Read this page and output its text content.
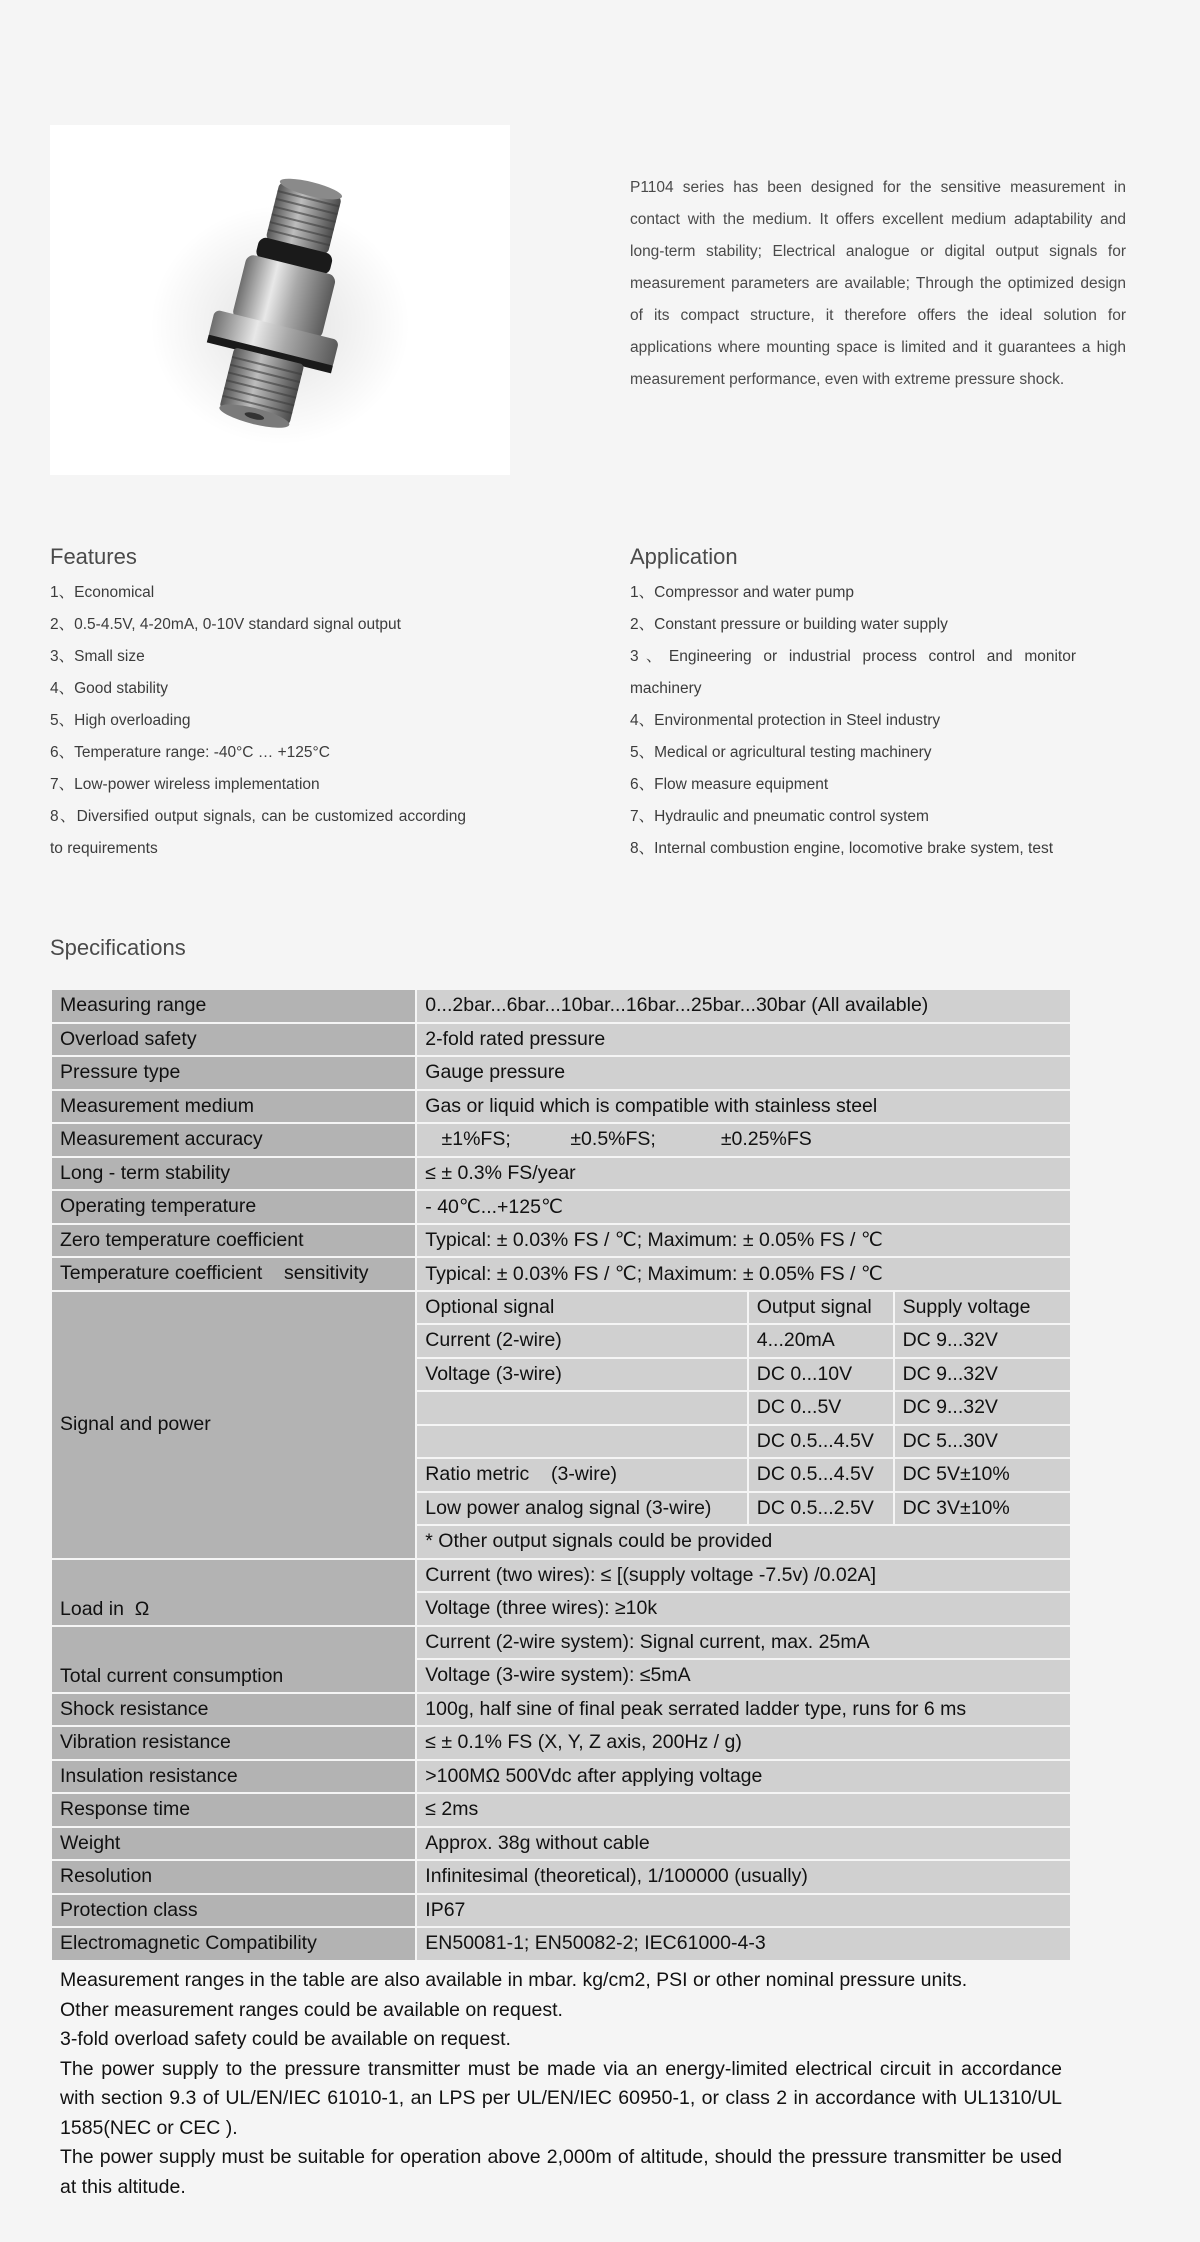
P1104 series has been designed for the sensitive measurement in contact with the medium. It offers excellent medium adaptability and long-term stability; Electrical analogue or digital output signals for measurement parameters are available; Through the optimized design of its compact structure, it therefore offers the ideal solution for applications where mounting space is limited and it guarantees a high measurement performance, even with extreme pressure shock.
Features
1、Economical
2、0.5-4.5V, 4-20mA, 0-10V standard signal output
3、Small size
4、Good stability
5、High overloading
6、Temperature range: -40°C … +125°C
7、Low-power wireless implementation
8、Diversified output signals, can be customized according to requirements
Application
1、Compressor and water pump
2、Constant pressure or building water supply
3、Engineering or industrial process control and monitor machinery
4、Environmental protection in Steel industry
5、Medical or agricultural testing machinery
6、Flow measure equipment
7、Hydraulic and pneumatic control system
8、Internal combustion engine, locomotive brake system, test
Specifications
Measuring range	0...2bar...6bar...10bar...16bar...25bar...30bar (All available)		
Overload safety	2-fold rated pressure		
Pressure type	Gauge pressure		
Measurement medium	Gas or liquid which is compatible with stainless steel		
Measurement accuracy	±1%FS;           ±0.5%FS;            ±0.25%FS		
Long - term stability	≤ ± 0.3% FS/year		
Operating temperature	- 40℃...+125℃		
Zero temperature coefficient	Typical: ± 0.03% FS / ℃; Maximum: ± 0.05% FS / ℃		
Temperature coefficient    sensitivity	Typical: ± 0.03% FS / ℃; Maximum: ± 0.05% FS / ℃		
Signal and power	Optional signal	Output signal	Supply voltage
	Current (2-wire)	4...20mA	DC 9...32V
	Voltage (3-wire)	DC 0...10V	DC 9...32V
		DC 0...5V	DC 9...32V
		DC 0.5...4.5V	DC 5...30V
	Ratio metric    (3-wire)	DC 0.5...4.5V	DC 5V±10%
	Low power analog signal (3-wire)	DC 0.5...2.5V	DC 3V±10%
	* Other output signals could be provided		
Load in  Ω	Current (two wires): ≤ [(supply voltage -7.5v) /0.02A]		
	Voltage (three wires): ≥10k		
Total current consumption	Current (2-wire system): Signal current, max. 25mA		
	Voltage (3-wire system): ≤5mA		
Shock resistance	100g, half sine of final peak serrated ladder type, runs for 6 ms		
Vibration resistance	≤ ± 0.1% FS (X, Y, Z axis, 200Hz / g)		
Insulation resistance	>100MΩ 500Vdc after applying voltage		
Response time	≤ 2ms		
Weight	Approx. 38g without cable		
Resolution	Infinitesimal (theoretical), 1/100000 (usually)		
Protection class	IP67		
Electromagnetic Compatibility	EN50081-1; EN50082-2; IEC61000-4-3		

Measurement ranges in the table are also available in mbar. kg/cm2, PSI or other nominal pressure units.

Other measurement ranges could be available on request.

3-fold overload safety could be available on request.

The power supply to the pressure transmitter must be made via an energy-limited electrical circuit in accordance with section 9.3 of UL/EN/IEC 61010-1, an LPS per UL/EN/IEC 60950-1, or class 2 in accordance with UL1310/UL 1585(NEC or CEC ).

The power supply must be suitable for operation above 2,000m of altitude, should the pressure transmitter be used at this altitude.
